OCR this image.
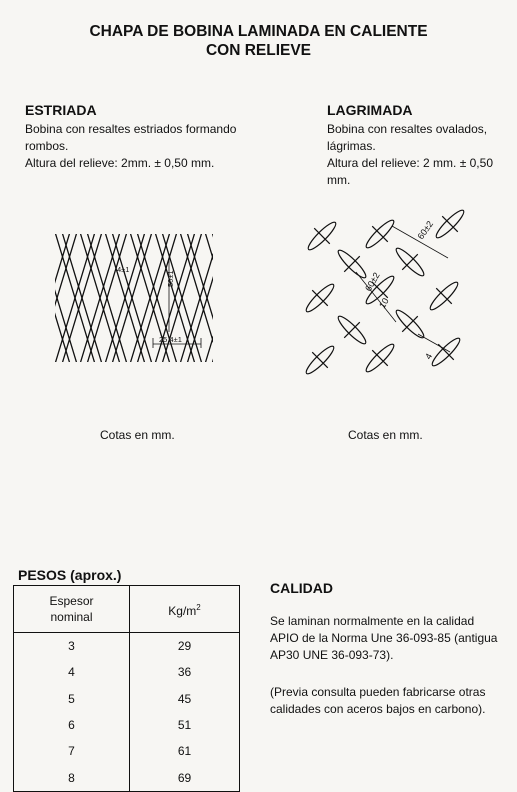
CHAPA DE BOBINA LAMINADA EN CALIENTE
CON RELIEVE
ESTRIADA
Bobina con resaltes estriados formando
rombos.
Altura del relieve: 2mm. ± 0,50 mm.
LAGRIMADA
Bobina con resaltes ovalados,
lágrimas.
Altura del relieve: 2 mm. ± 0,50 mm.
4±1
50±1
25,4±1
60±2
60±2
10
4
Cotas en mm.	Cotas en mm.
PESOS (aprox.)
Espesor
nominal	$Kg/m^2$
3	29
4	36
5	45
6	51
7	61
8	69
CALIDAD
Se laminan normalmente en la calidad
APIO de la Norma Une 36-093-85 (antigua
AP30 UNE 36-093-73).
(Previa consulta pueden fabricarse otras
calidades con aceros bajos en carbono).
